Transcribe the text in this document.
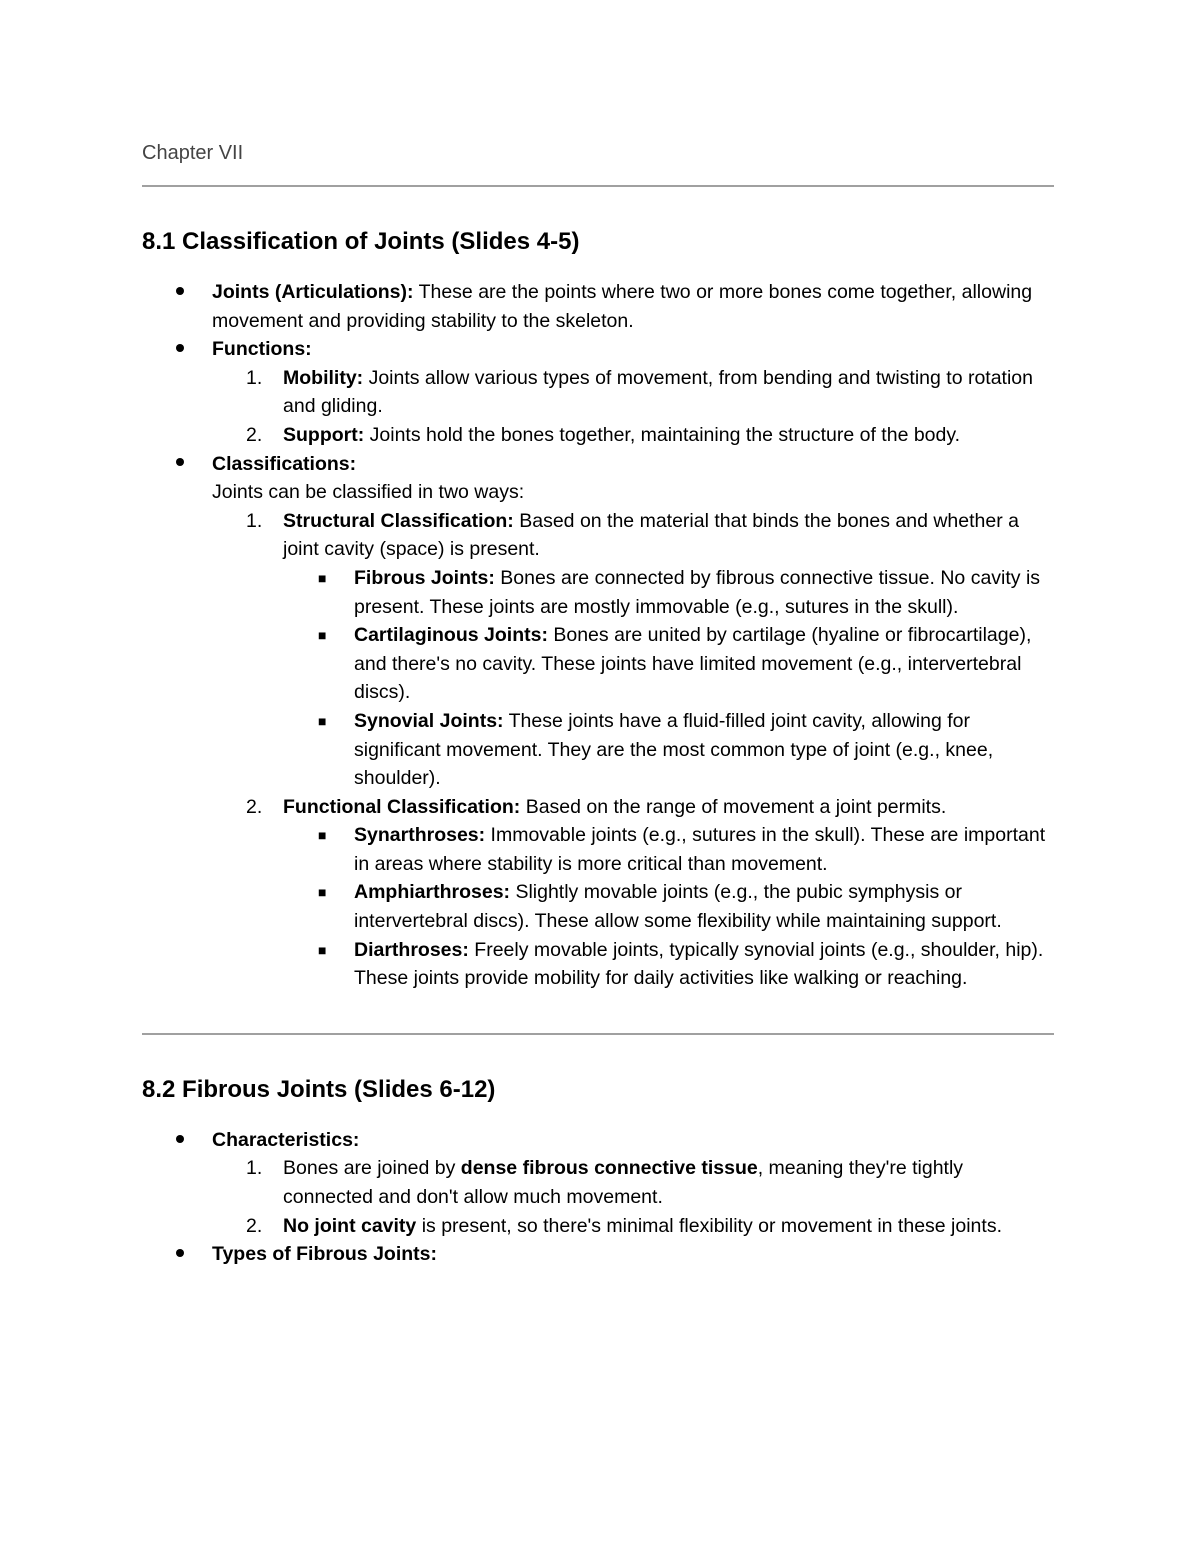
Chapter VII

8.1 Classification of Joints (Slides 4-5)
Joints (Articulations): These are the points where two or more bones come together, allowing movement and providing stability to the skeleton.
Functions:
1. Mobility: Joints allow various types of movement, from bending and twisting to rotation and gliding.
2. Support: Joints hold the bones together, maintaining the structure of the body.
Classifications:
Joints can be classified in two ways:
1. Structural Classification: Based on the material that binds the bones and whether a joint cavity (space) is present.
■ Fibrous Joints: Bones are connected by fibrous connective tissue. No cavity is present. These joints are mostly immovable (e.g., sutures in the skull).
■ Cartilaginous Joints: Bones are united by cartilage (hyaline or fibrocartilage), and there's no cavity. These joints have limited movement (e.g., intervertebral discs).
■ Synovial Joints: These joints have a fluid-filled joint cavity, allowing for significant movement. They are the most common type of joint (e.g., knee, shoulder).
2. Functional Classification: Based on the range of movement a joint permits.
■ Synarthroses: Immovable joints (e.g., sutures in the skull). These are important in areas where stability is more critical than movement.
■ Amphiarthroses: Slightly movable joints (e.g., the pubic symphysis or intervertebral discs). These allow some flexibility while maintaining support.
■ Diarthroses: Freely movable joints, typically synovial joints (e.g., shoulder, hip). These joints provide mobility for daily activities like walking or reaching.
8.2 Fibrous Joints (Slides 6-12)
Characteristics:
1. Bones are joined by dense fibrous connective tissue, meaning they're tightly connected and don't allow much movement.
2. No joint cavity is present, so there's minimal flexibility or movement in these joints.
Types of Fibrous Joints:
